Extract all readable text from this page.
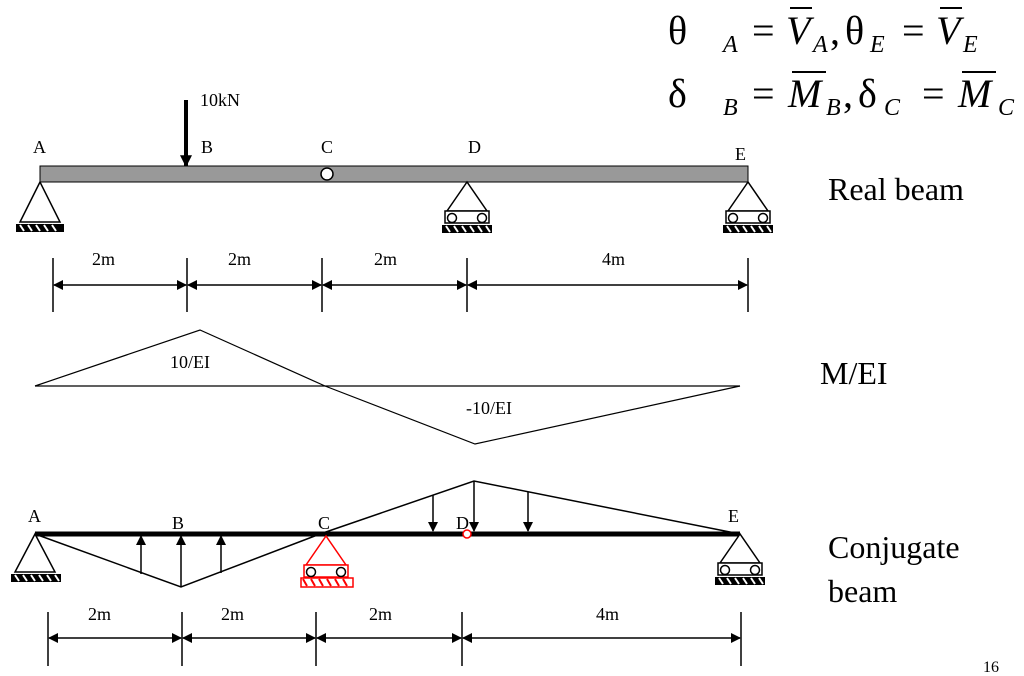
θ A = V A , θ E = V E
δ B = M B , δ C = M C
10kN
A	B	C	D	E
Real beam
2m	2m	2m	4m
10/EI
-10/EI
M/EI
A	B	C	D	E
Conjugate
beam
2m	2m	2m	4m
16
